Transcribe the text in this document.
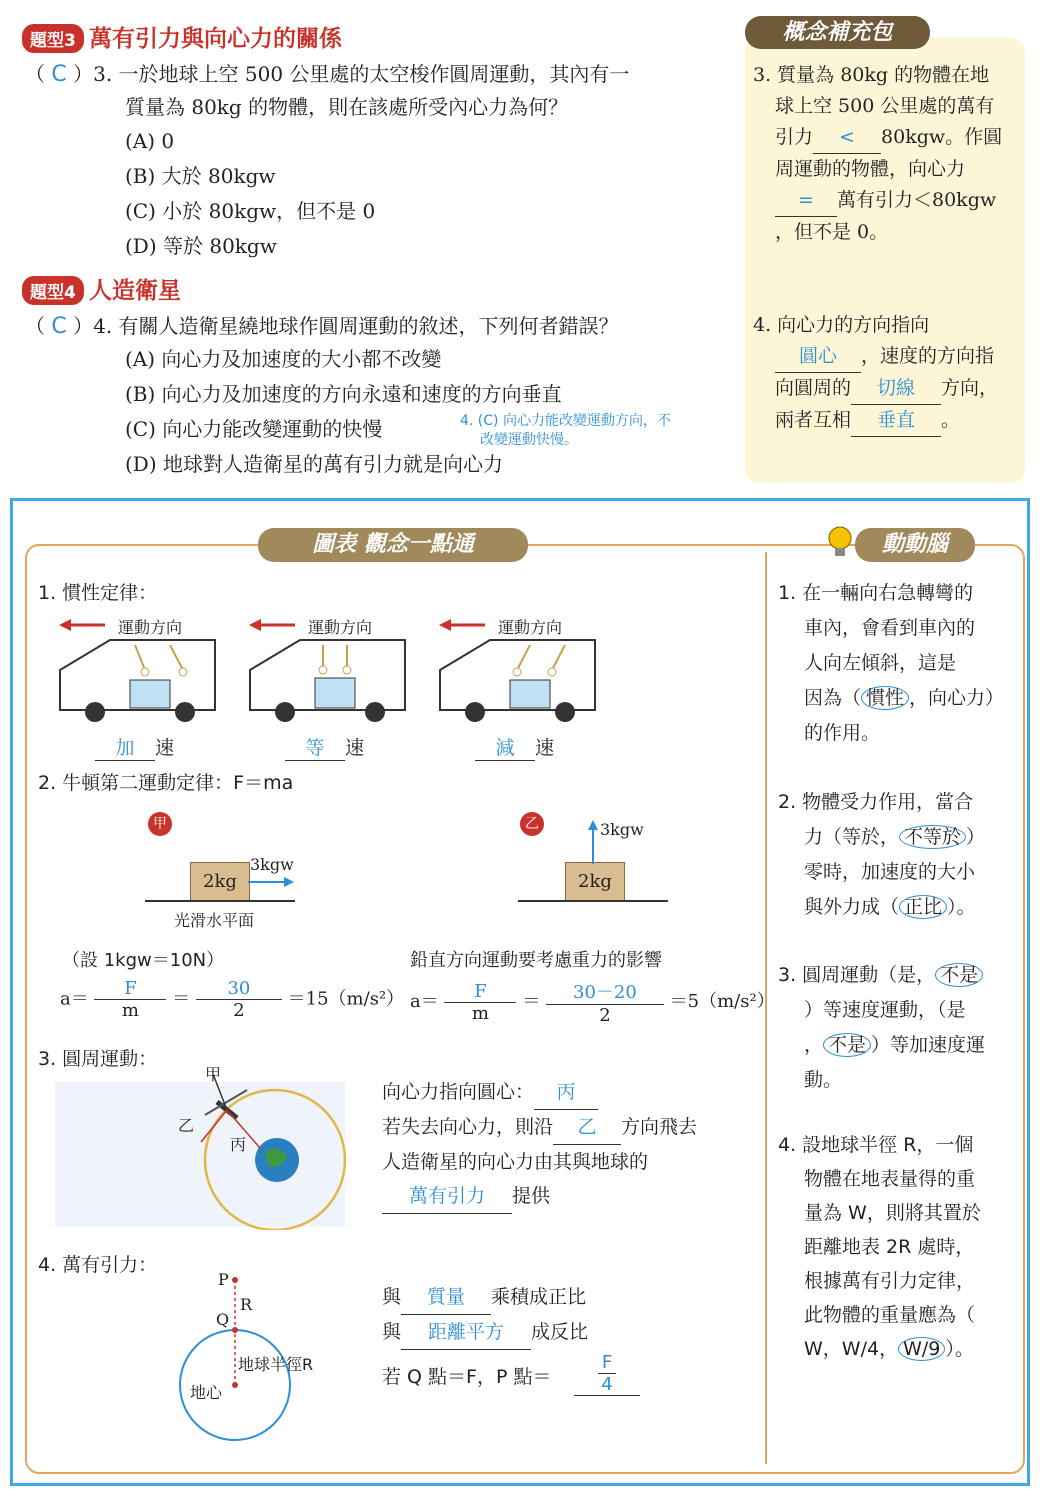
題型3 萬有引力與向心力的關係
（ C ）3. 一於地球上空 500 公里處的太空梭作圓周運動，其內有一
質量為 80kg 的物體，則在該處所受內心力為何？
(A) 0
(B) 大於 80kgw
(C) 小於 80kgw，但不是 0
(D) 等於 80kgw
題型4 人造衛星
（ C ）4. 有關人造衛星繞地球作圓周運動的敘述，下列何者錯誤？
(A) 向心力及加速度的大小都不改變
(B) 向心力及加速度的方向永遠和速度的方向垂直
(C) 向心力能改變運動的快慢
(D) 地球對人造衛星的萬有引力就是向心力
4. (C) 向心力能改變運動方向，不
改變運動快慢。
概念補充包
3. 質量為 80kg 的物體在地
球上空 500 公里處的萬有
引力 < 80kgw。作圓
周運動的物體，向心力
= 萬有引力＜80kgw
，但不是 0。
4. 向心力的方向指向
圓心 ，速度的方向指
向圓周的 切線 方向，
兩者互相 垂直 。
圖表 觀念一點通	動動腦
1. 慣性定律：
運動方向	運動方向	運動方向
加 速	等 速	減 速
2. 牛頓第二運動定律：F＝ma
甲	乙
2kg
3kgw
光滑水平面
2kg
3kgw
（設 1kgw＝10N）	鉛直方向運動要考慮重力的影響
$a= \frac{F}{m} = \frac{30}{2} =15(m/s^2)$ $a= \frac{F}{m} = \frac{30-20}{2} =5(m/s^2)$
3. 圓周運動：
甲
乙
丙
向心力指向圓心： 丙
若失去向心力，則沿 乙 方向飛去
人造衛星的向心力由其與地球的
萬有引力 提供
4. 萬有引力：
P
Q
R
地球半徑R
地心
與 質量 乘積成正比
與 距離平方 成反比
若 Q 點＝F，P 點＝	$\frac{F}{4}$
1. 在一輛向右急轉彎的
車內，會看到車內的
人向左傾斜，這是
因為（ 慣性 ，向心力）
的作用。
2. 物體受力作用，當合
力（等於， 不等於 ）
零時，加速度的大小
與外力成（ 正比 ）。
3. 圓周運動（是， 不是
）等速度運動，（是
， 不是 ）等加速度運
動。
4. 設地球半徑 R，一個
物體在地表量得的重
量為 W，則將其置於
距離地表 2R 處時，
根據萬有引力定律，
此物體的重量應為（
W，W/4， W/9 ）。
